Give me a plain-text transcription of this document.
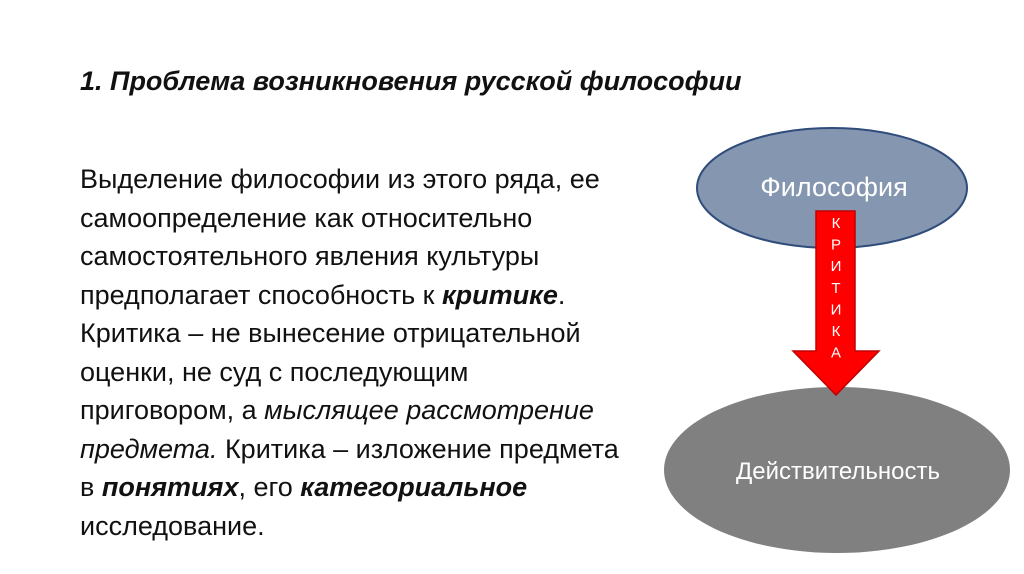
1. Проблема возникновения русской философии
Выделение философии из этого ряда, ее
самоопределение как относительно
самостоятельного явления культуры
предполагает способность к критике.
Критика – не вынесение отрицательной
оценки, не суд с последующим
приговором, а мыслящее рассмотрение
предмета. Критика – изложение предмета
в понятиях, его категориальное
исследование.
Философия
Действительность
К
Р
И
Т
И
К
А
